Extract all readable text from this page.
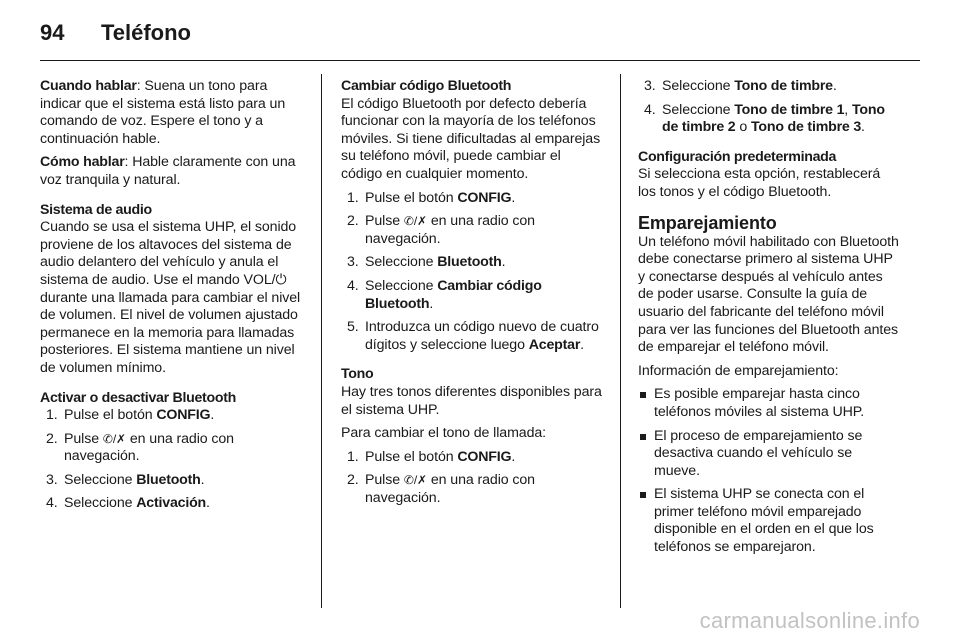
94 Teléfono

Cuando hablar: Suena un tono para indicar que el sistema está listo para un comando de voz. Espere el tono y a continuación hable.

Cómo hablar: Hable claramente con una voz tranquila y natural.

Sistema de audio

Cuando se usa el sistema UHP, el sonido proviene de los altavoces del sistema de audio delantero del vehículo y anula el sistema de audio. Use el mando VOL/⏻ durante una llamada para cambiar el nivel de volumen. El nivel de volumen ajustado permanece en la memoria para llamadas posteriores. El sistema mantiene un nivel de volumen mínimo.

Activar o desactivar Bluetooth
1. Pulse el botón CONFIG.
2. Pulse ✆/✗ en una radio con navegación.
3. Seleccione Bluetooth.
4. Seleccione Activación.
Cambiar código Bluetooth

El código Bluetooth por defecto debería funcionar con la mayoría de los teléfonos móviles. Si tiene dificultadas al emparejas su teléfono móvil, puede cambiar el código en cualquier momento.

1. Pulse el botón CONFIG.
2. Pulse ✆/✗ en una radio con navegación.
3. Seleccione Bluetooth.
4. Seleccione Cambiar código Bluetooth.
5. Introduzca un código nuevo de cuatro dígitos y seleccione luego Aceptar.
Tono

Hay tres tonos diferentes disponibles para el sistema UHP.

Para cambiar el tono de llamada:

1. Pulse el botón CONFIG.
2. Pulse ✆/✗ en una radio con navegación.
3. Seleccione Tono de timbre.
4. Seleccione Tono de timbre 1, Tono de timbre 2 o Tono de timbre 3.
Configuración predeterminada

Si selecciona esta opción, restablecerá los tonos y el código Bluetooth.

Emparejamiento

Un teléfono móvil habilitado con Bluetooth debe conectarse primero al sistema UHP y conectarse después al vehículo antes de poder usarse. Consulte la guía de usuario del fabricante del teléfono móvil para ver las funciones del Bluetooth antes de emparejar el teléfono móvil.

Información de emparejamiento:

Es posible emparejar hasta cinco teléfonos móviles al sistema UHP.
El proceso de emparejamiento se desactiva cuando el vehículo se mueve.
El sistema UHP se conecta con el primer teléfono móvil emparejado disponible en el orden en el que los teléfonos se emparejaron.
carmanualsonline.info
